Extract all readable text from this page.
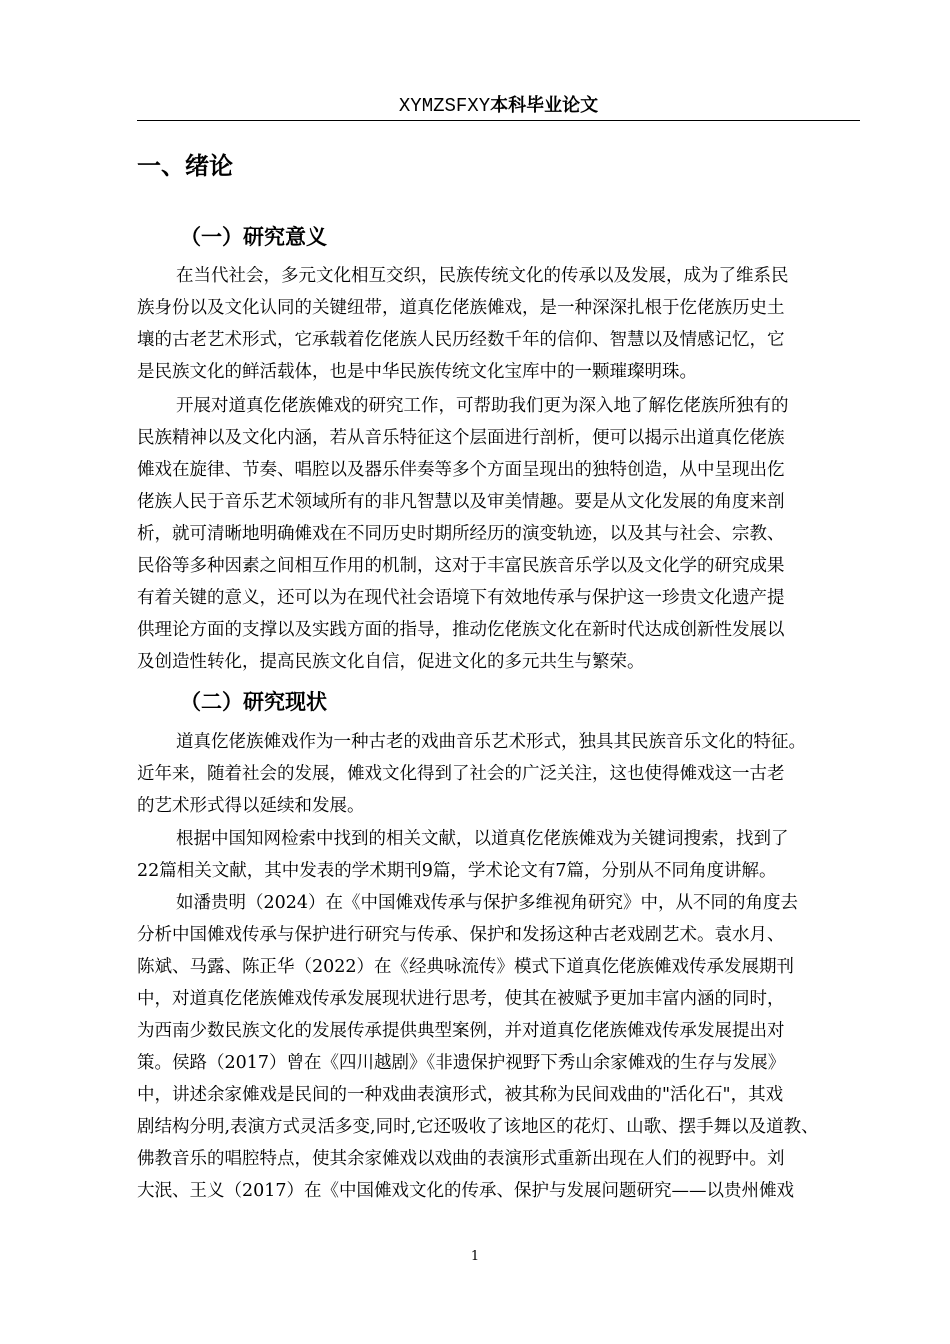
XYMZSFXY本科毕业论文
一、绪论
（一）研究意义
在当代社会，多元文化相互交织，民族传统文化的传承以及发展，成为了维系民
族身份以及文化认同的关键纽带，道真仡佬族傩戏，是一种深深扎根于仡佬族历史土
壤的古老艺术形式，它承载着仡佬族人民历经数千年的信仰、智慧以及情感记忆，它
是民族文化的鲜活载体，也是中华民族传统文化宝库中的一颗璀璨明珠。
开展对道真仡佬族傩戏的研究工作，可帮助我们更为深入地了解仡佬族所独有的
民族精神以及文化内涵，若从音乐特征这个层面进行剖析，便可以揭示出道真仡佬族
傩戏在旋律、节奏、唱腔以及器乐伴奏等多个方面呈现出的独特创造，从中呈现出仡
佬族人民于音乐艺术领域所有的非凡智慧以及审美情趣。要是从文化发展的角度来剖
析，就可清晰地明确傩戏在不同历史时期所经历的演变轨迹，以及其与社会、宗教、
民俗等多种因素之间相互作用的机制，这对于丰富民族音乐学以及文化学的研究成果
有着关键的意义，还可以为在现代社会语境下有效地传承与保护这一珍贵文化遗产提
供理论方面的支撑以及实践方面的指导，推动仡佬族文化在新时代达成创新性发展以
及创造性转化，提高民族文化自信，促进文化的多元共生与繁荣。
（二）研究现状
道真仡佬族傩戏作为一种古老的戏曲音乐艺术形式，独具其民族音乐文化的特征。
近年来，随着社会的发展，傩戏文化得到了社会的广泛关注，这也使得傩戏这一古老
的艺术形式得以延续和发展。
根据中国知网检索中找到的相关文献，以道真仡佬族傩戏为关键词搜索，找到了
22篇相关文献，其中发表的学术期刊9篇，学术论文有7篇，分别从不同角度讲解。
如潘贵明（2024）在《中国傩戏传承与保护多维视角研究》中，从不同的角度去
分析中国傩戏传承与保护进行研究与传承、保护和发扬这种古老戏剧艺术。袁水月、
陈斌、马露、陈正华（2022）在《经典咏流传》模式下道真仡佬族傩戏传承发展期刊
中，对道真仡佬族傩戏传承发展现状进行思考，使其在被赋予更加丰富内涵的同时，
为西南少数民族文化的发展传承提供典型案例，并对道真仡佬族傩戏传承发展提出对
策。侯路（2017）曾在《四川越剧》《非遗保护视野下秀山余家傩戏的生存与发展》
中，讲述余家傩戏是民间的一种戏曲表演形式，被其称为民间戏曲的"活化石"，其戏
剧结构分明,表演方式灵活多变,同时,它还吸收了该地区的花灯、山歌、摆手舞以及道教、
佛教音乐的唱腔特点，使其余家傩戏以戏曲的表演形式重新出现在人们的视野中。刘
大泯、王义（2017）在《中国傩戏文化的传承、保护与发展问题研究——以贵州傩戏
1
